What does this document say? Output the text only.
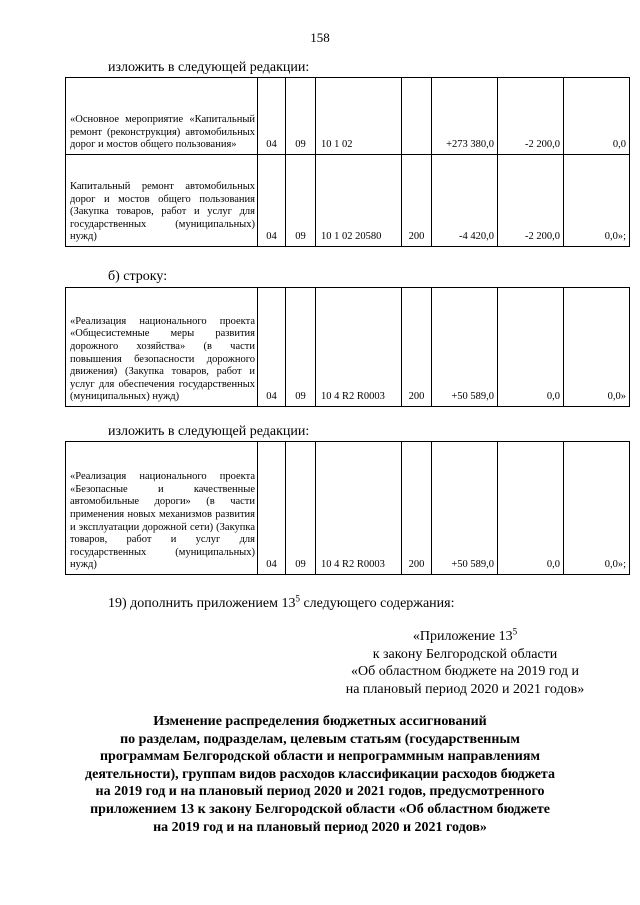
158
изложить в следующей редакции:
«Основное мероприятие «Капитальный ремонт (реконструкция) автомобильных дорог и мостов общего пользования»	04	09	10 1 02		+273 380,0	-2 200,0	0,0
Капитальный ремонт автомобильных дорог и мостов общего пользования (Закупка товаров, работ и услуг для государственных (муниципальных) нужд)	04	09	10 1 02 20580	200	-4 420,0	-2 200,0	0,0»;
б) строку:
«Реализация национального проекта «Общесистемные меры развития дорожного хозяйства» (в части повышения безопасности дорожного движения) (Закупка товаров, работ и услуг для обеспечения государственных (муниципальных) нужд)	04	09	10 4 R2 R0003	200	+50 589,0	0,0	0,0»
изложить в следующей редакции:
«Реализация национального проекта «Безопасные и качественные автомобильные дороги» (в части применения новых механизмов развития и эксплуатации дорожной сети) (Закупка товаров, работ и услуг для государственных (муниципальных) нужд)	04	09	10 4 R2 R0003	200	+50 589,0	0,0	0,0»;
19) дополнить приложением $13^5$ следующего содержания:
«Приложение $13^5$
к закону Белгородской области
«Об областном бюджете на 2019 год и
на плановый период 2020 и 2021 годов»
Изменение распределения бюджетных ассигнований
по разделам, подразделам, целевым статьям (государственным
программам Белгородской области и непрограммным направлениям
деятельности), группам видов расходов классификации расходов бюджета
на 2019 год и на плановый период 2020 и 2021 годов, предусмотренного
приложением 13 к закону Белгородской области «Об областном бюджете
на 2019 год и на плановый период 2020 и 2021 годов»
